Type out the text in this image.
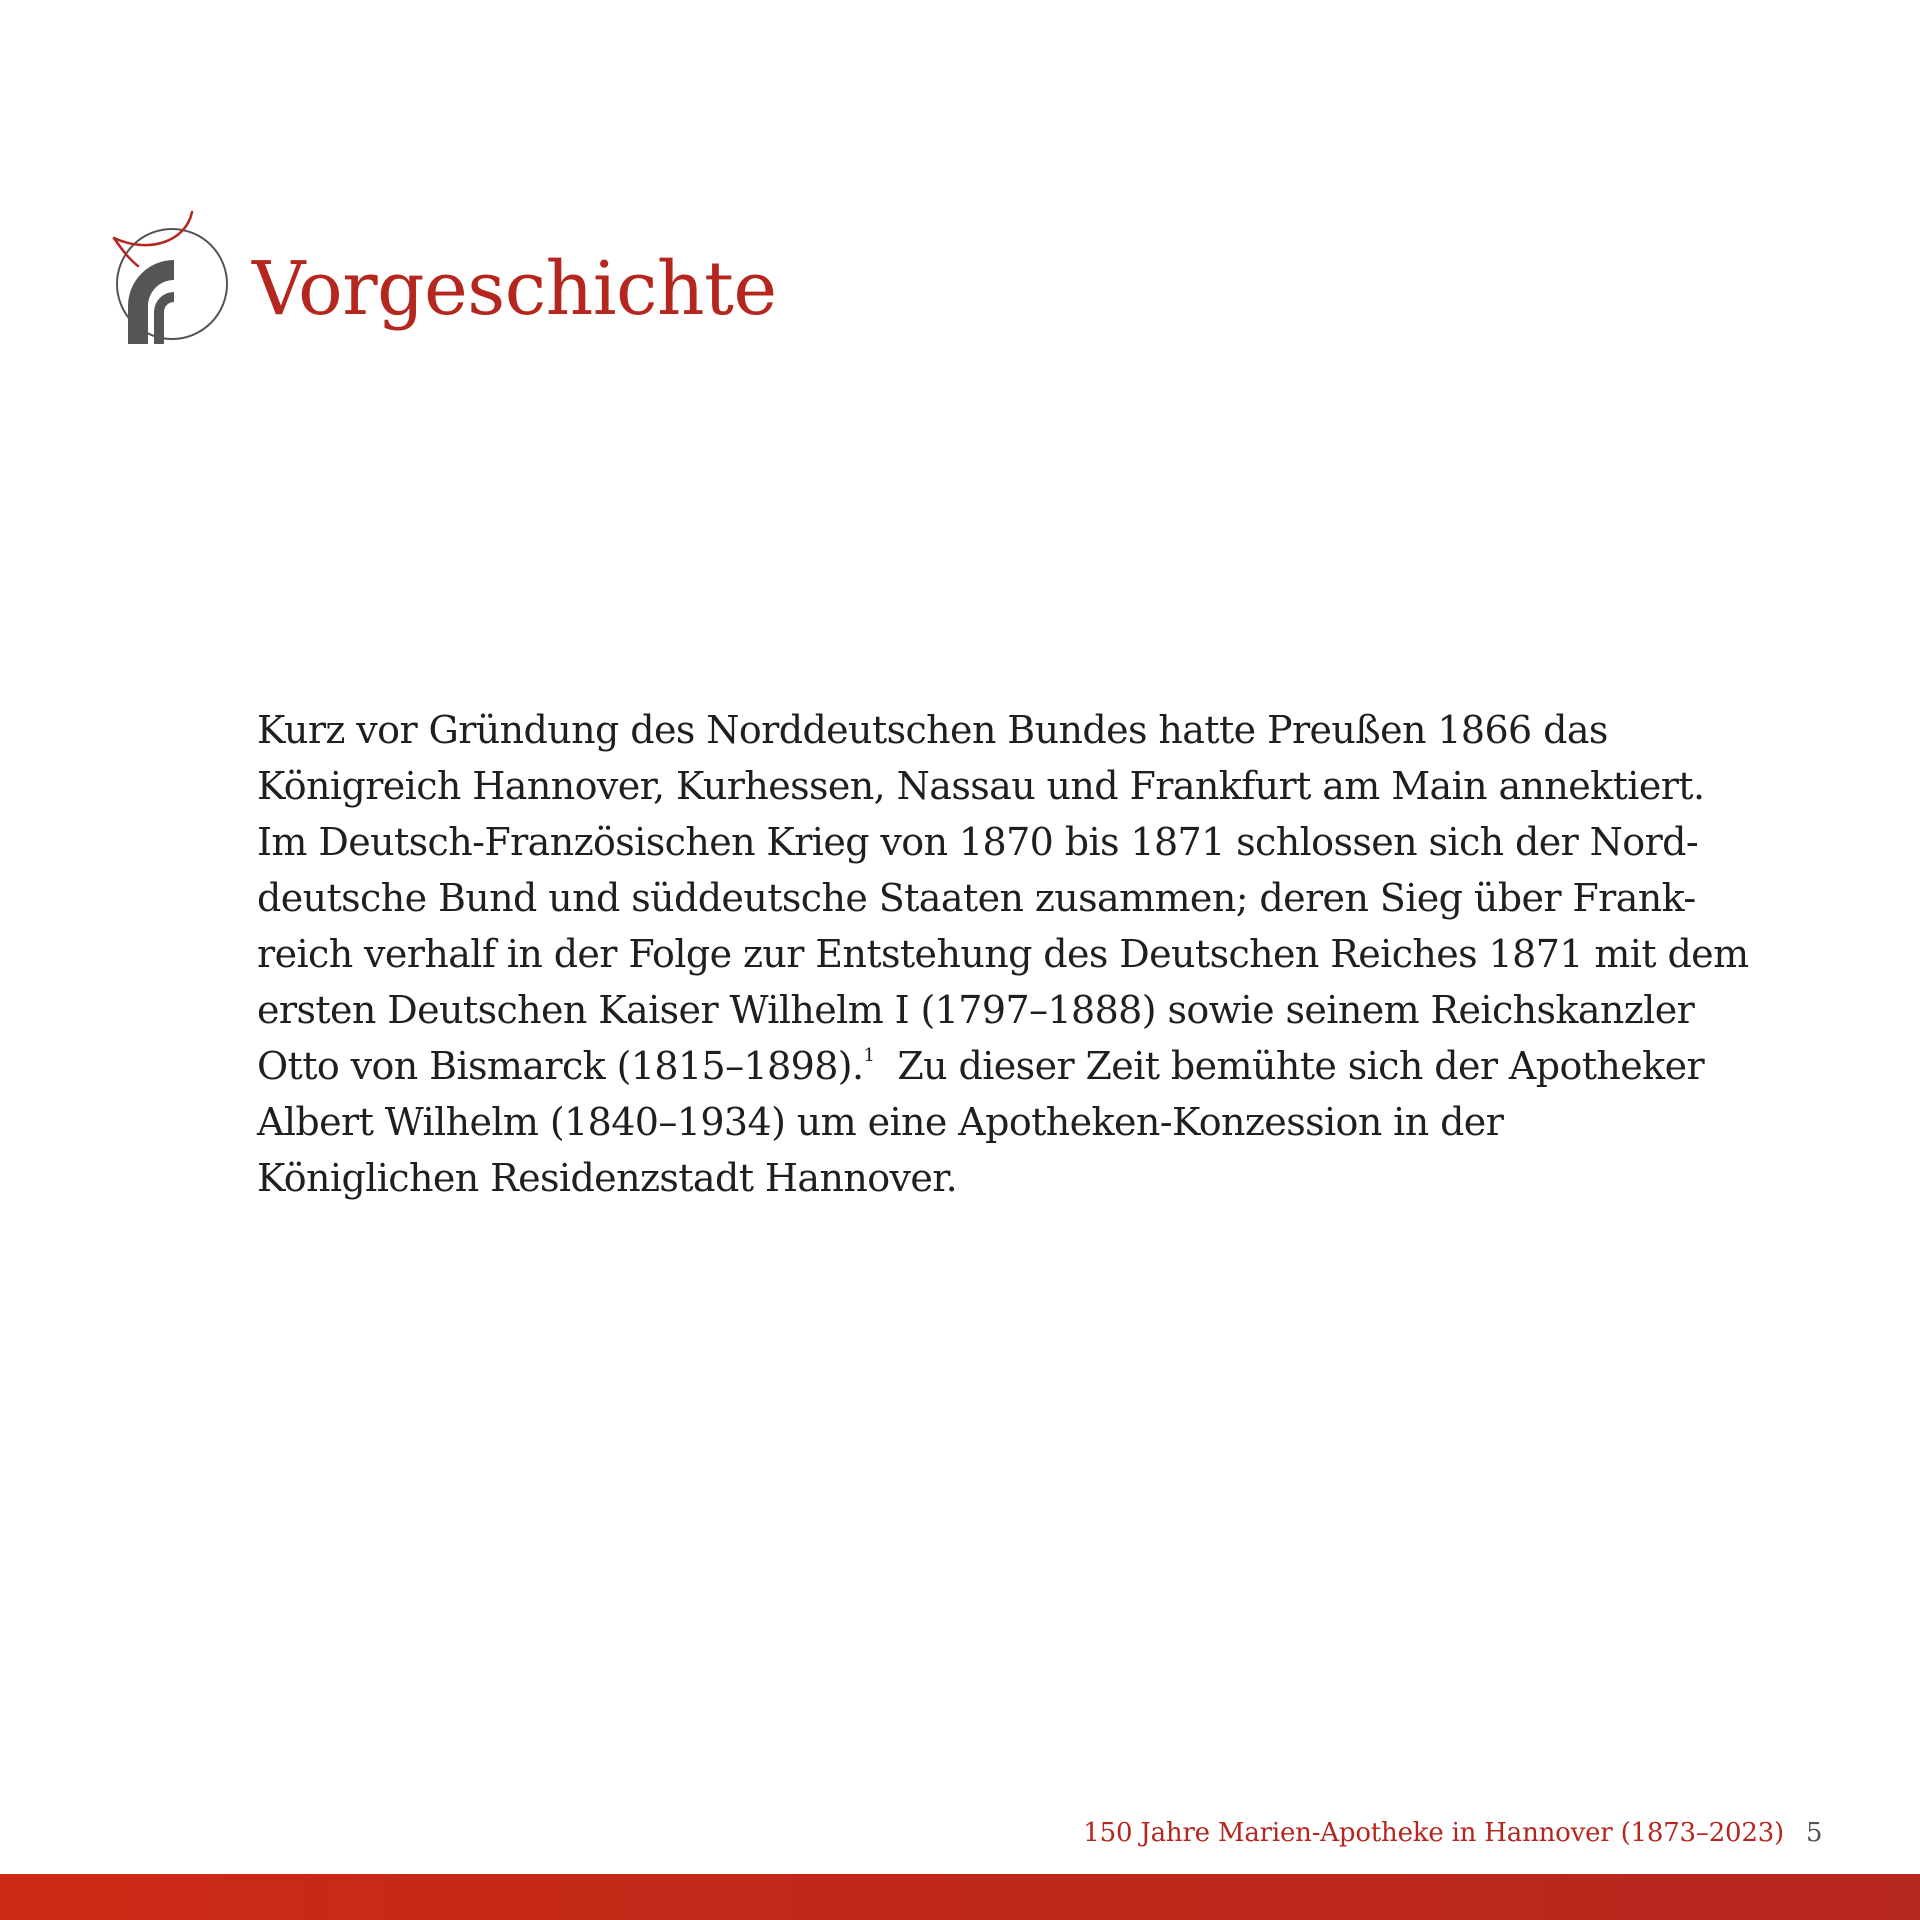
Vorgeschichte

Kurz vor Gründung des Norddeutschen Bundes hatte Preußen 1866 das
Königreich Hannover, Kurhessen, Nassau und Frankfurt am Main annektiert.
Im Deutsch-Französischen Krieg von 1870 bis 1871 schlossen sich der Nord-
deutsche Bund und süddeutsche Staaten zusammen; deren Sieg über Frank-
reich verhalf in der Folge zur Entstehung des Deutschen Reiches 1871 mit dem
ersten Deutschen Kaiser Wilhelm I (1797–1888) sowie seinem Reichskanzler
Otto von Bismarck (1815–1898).$^1$ Zu dieser Zeit bemühte sich der Apotheker
Albert Wilhelm (1840–1934) um eine Apotheken-Konzession in der
Königlichen Residenzstadt Hannover.

150 Jahre Marien-Apotheke in Hannover (1873–2023) 5
